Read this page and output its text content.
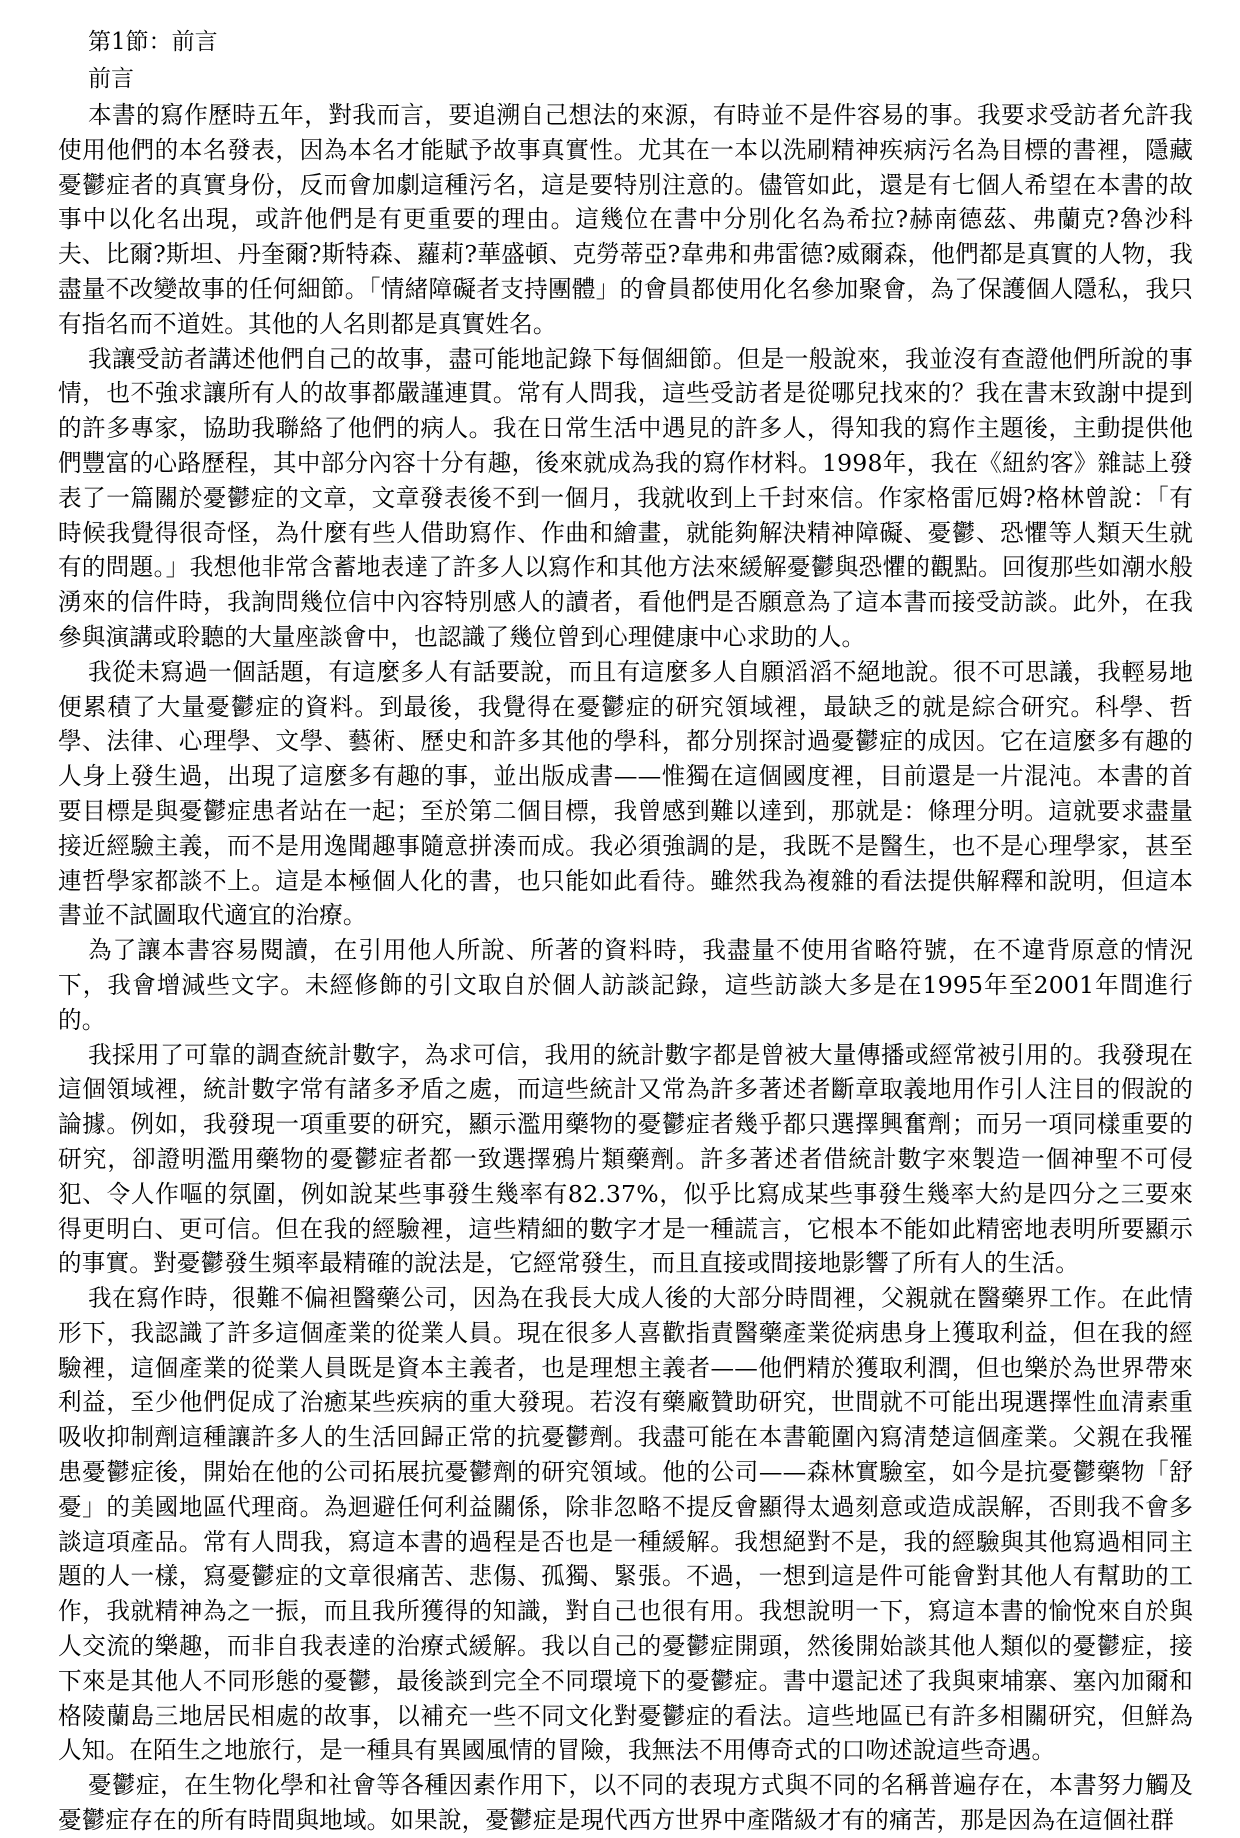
第1節：前言
前言

本書的寫作歷時五年，對我而言，要追溯自己想法的來源，有時並不是件容易的事。我要求受訪者允許我使用他們的本名發表，因為本名才能賦予故事真實性。尤其在一本以洗刷精神疾病污名為目標的書裡，隱藏憂鬱症者的真實身份，反而會加劇這種污名，這是要特別注意的。儘管如此，還是有七個人希望在本書的故事中以化名出現，或許他們是有更重要的理由。這幾位在書中分別化名為希拉?赫南德茲、弗蘭克?魯沙科夫、比爾?斯坦、丹奎爾?斯特森、蘿莉?華盛頓、克勞蒂亞?韋弗和弗雷德?威爾森，他們都是真實的人物，我盡量不改變故事的任何細節。「情緒障礙者支持團體」的會員都使用化名參加聚會，為了保護個人隱私，我只有指名而不道姓。其他的人名則都是真實姓名。

我讓受訪者講述他們自己的故事，盡可能地記錄下每個細節。但是一般說來，我並沒有查證他們所說的事情，也不強求讓所有人的故事都嚴謹連貫。常有人問我，這些受訪者是從哪兒找來的？我在書末致謝中提到的許多專家，協助我聯絡了他們的病人。我在日常生活中遇見的許多人，得知我的寫作主題後，主動提供他們豐富的心路歷程，其中部分內容十分有趣，後來就成為我的寫作材料。1998年，我在《紐約客》雜誌上發表了一篇關於憂鬱症的文章，文章發表後不到一個月，我就收到上千封來信。作家格雷厄姆?格林曾說：「有時候我覺得很奇怪，為什麼有些人借助寫作、作曲和繪畫，就能夠解決精神障礙、憂鬱、恐懼等人類天生就有的問題。」我想他非常含蓄地表達了許多人以寫作和其他方法來緩解憂鬱與恐懼的觀點。回復那些如潮水般湧來的信件時，我詢問幾位信中內容特別感人的讀者，看他們是否願意為了這本書而接受訪談。此外，在我參與演講或聆聽的大量座談會中，也認識了幾位曾到心理健康中心求助的人。

我從未寫過一個話題，有這麼多人有話要說，而且有這麼多人自願滔滔不絕地說。很不可思議，我輕易地便累積了大量憂鬱症的資料。到最後，我覺得在憂鬱症的研究領域裡，最缺乏的就是綜合研究。科學、哲學、法律、心理學、文學、藝術、歷史和許多其他的學科，都分別探討過憂鬱症的成因。它在這麼多有趣的人身上發生過，出現了這麼多有趣的事，並出版成書——惟獨在這個國度裡，目前還是一片混沌。本書的首要目標是與憂鬱症患者站在一起；至於第二個目標，我曾感到難以達到，那就是：條理分明。這就要求盡量接近經驗主義，而不是用逸聞趣事隨意拼湊而成。我必須強調的是，我既不是醫生，也不是心理學家，甚至連哲學家都談不上。這是本極個人化的書，也只能如此看待。雖然我為複雜的看法提供解釋和說明，但這本書並不試圖取代適宜的治療。

為了讓本書容易閱讀，在引用他人所說、所著的資料時，我盡量不使用省略符號，在不違背原意的情況下，我會增減些文字。未經修飾的引文取自於個人訪談記錄，這些訪談大多是在1995年至2001年間進行的。

我採用了可靠的調查統計數字，為求可信，我用的統計數字都是曾被大量傳播或經常被引用的。我發現在這個領域裡，統計數字常有諸多矛盾之處，而這些統計又常為許多著述者斷章取義地用作引人注目的假說的論據。例如，我發現一項重要的研究，顯示濫用藥物的憂鬱症者幾乎都只選擇興奮劑；而另一項同樣重要的研究，卻證明濫用藥物的憂鬱症者都一致選擇鴉片類藥劑。許多著述者借統計數字來製造一個神聖不可侵犯、令人作嘔的氛圍，例如說某些事發生幾率有82.37%，似乎比寫成某些事發生幾率大約是四分之三要來得更明白、更可信。但在我的經驗裡，這些精細的數字才是一種謊言，它根本不能如此精密地表明所要顯示的事實。對憂鬱發生頻率最精確的說法是，它經常發生，而且直接或間接地影響了所有人的生活。

我在寫作時，很難不偏袒醫藥公司，因為在我長大成人後的大部分時間裡，父親就在醫藥界工作。在此情形下，我認識了許多這個產業的從業人員。現在很多人喜歡指責醫藥產業從病患身上獲取利益，但在我的經驗裡，這個產業的從業人員既是資本主義者，也是理想主義者——他們精於獲取利潤，但也樂於為世界帶來利益，至少他們促成了治癒某些疾病的重大發現。若沒有藥廠贊助研究，世間就不可能出現選擇性血清素重吸收抑制劑這種讓許多人的生活回歸正常的抗憂鬱劑。我盡可能在本書範圍內寫清楚這個產業。父親在我罹患憂鬱症後，開始在他的公司拓展抗憂鬱劑的研究領域。他的公司——森林實驗室，如今是抗憂鬱藥物「舒憂」的美國地區代理商。為迴避任何利益關係，除非忽略不提反會顯得太過刻意或造成誤解，否則我不會多談這項產品。常有人問我，寫這本書的過程是否也是一種緩解。我想絕對不是，我的經驗與其他寫過相同主題的人一樣，寫憂鬱症的文章很痛苦、悲傷、孤獨、緊張。不過，一想到這是件可能會對其他人有幫助的工作，我就精神為之一振，而且我所獲得的知識，對自己也很有用。我想說明一下，寫這本書的愉悅來自於與人交流的樂趣，而非自我表達的治療式緩解。我以自己的憂鬱症開頭，然後開始談其他人類似的憂鬱症，接下來是其他人不同形態的憂鬱，最後談到完全不同環境下的憂鬱症。書中還記述了我與柬埔寨、塞內加爾和格陵蘭島三地居民相處的故事，以補充一些不同文化對憂鬱症的看法。這些地區已有許多相關研究，但鮮為人知。在陌生之地旅行，是一種具有異國風情的冒險，我無法不用傳奇式的口吻述說這些奇遇。

憂鬱症，在生物化學和社會等各種因素作用下，以不同的表現方式與不同的名稱普遍存在，本書努力觸及憂鬱症存在的所有時間與地域。如果說，憂鬱症是現代西方世界中產階級才有的痛苦，那是因為在這個社群
